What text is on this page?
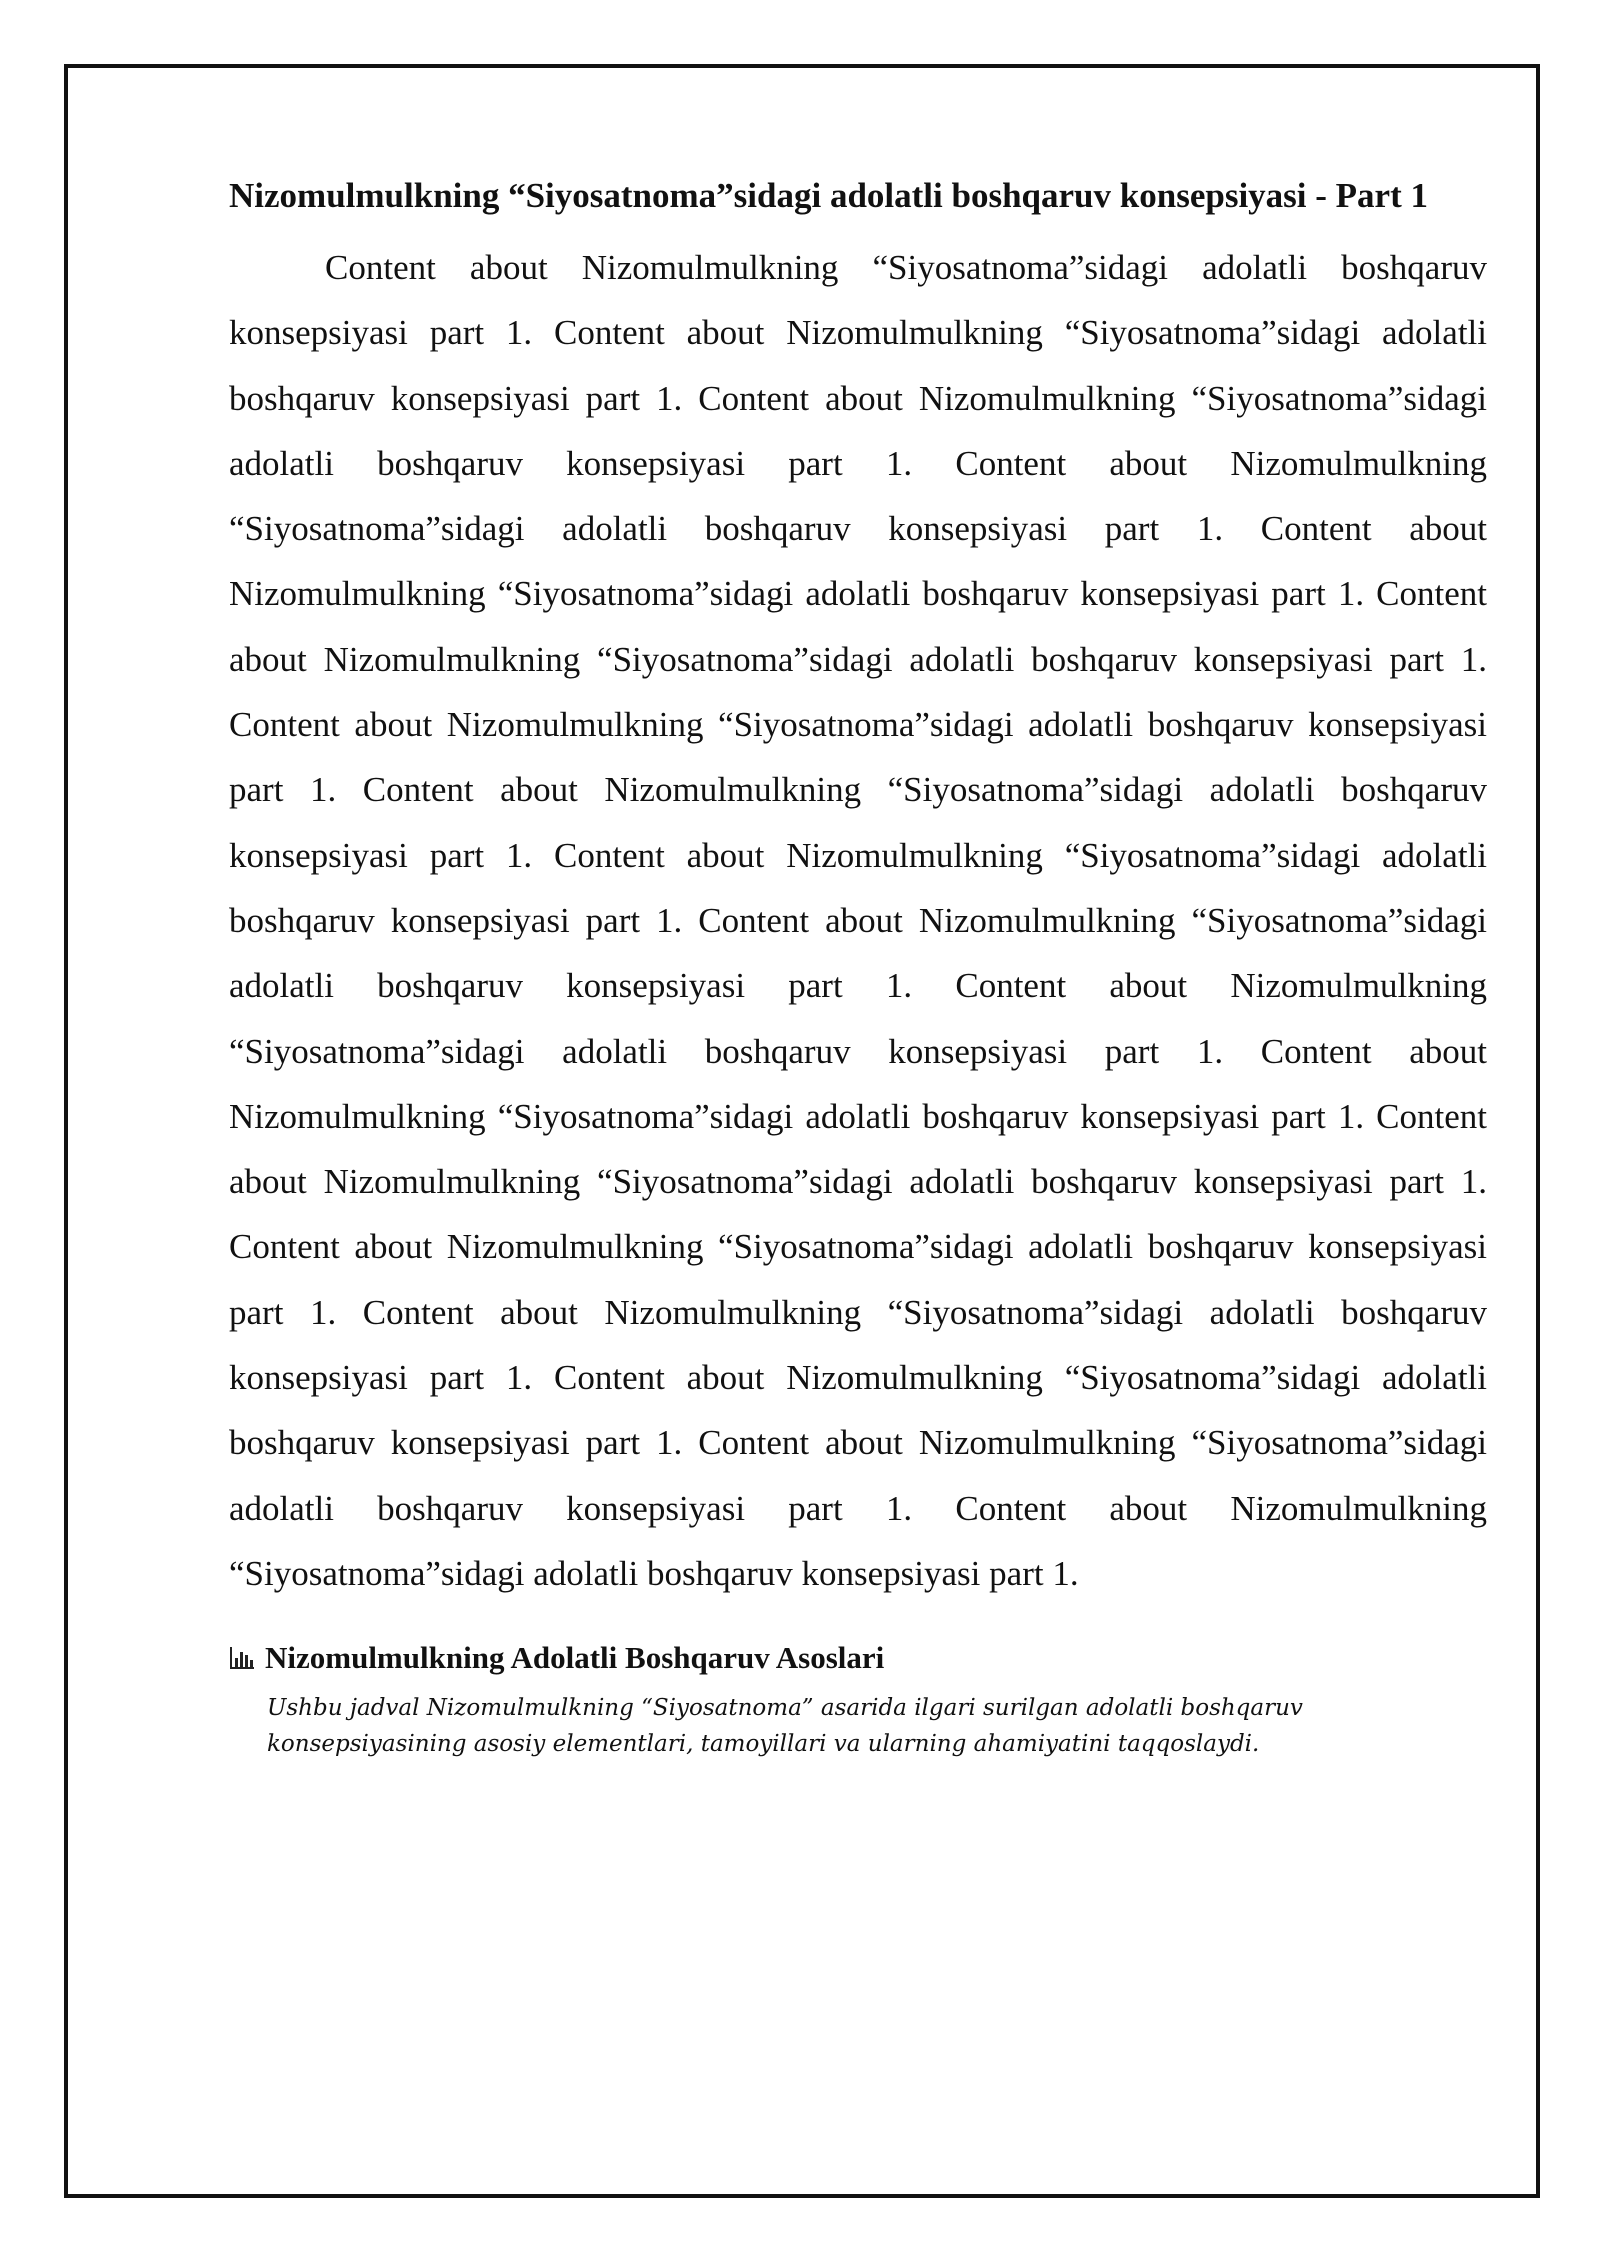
Nizomulmulkning “Siyosatnoma”sidagi adolatli boshqaruv konsepsiyasi - Part 1

Content about Nizomulmulkning “Siyosatnoma”sidagi adolatli boshqaruv konsepsiyasi part 1. Content about Nizomulmulkning “Siyosatnoma”sidagi adolatli boshqaruv konsepsiyasi part 1. Content about Nizomulmulkning “Siyosatnoma”sidagi adolatli boshqaruv konsepsiyasi part 1. Content about Nizomulmulkning “Siyosatnoma”sidagi adolatli boshqaruv konsepsiyasi part 1. Content about Nizomulmulkning “Siyosatnoma”sidagi adolatli boshqaruv konsepsiyasi part 1. Content about Nizomulmulkning “Siyosatnoma”sidagi adolatli boshqaruv konsepsiyasi part 1. Content about Nizomulmulkning “Siyosatnoma”sidagi adolatli boshqaruv konsepsiyasi part 1. Content about Nizomulmulkning “Siyosatnoma”sidagi adolatli boshqaruv konsepsiyasi part 1. Content about Nizomulmulkning “Siyosatnoma”sidagi adolatli boshqaruv konsepsiyasi part 1. Content about Nizomulmulkning “Siyosatnoma”sidagi adolatli boshqaruv konsepsiyasi part 1. Content about Nizomulmulkning “Siyosatnoma”sidagi adolatli boshqaruv konsepsiyasi part 1. Content about Nizomulmulkning “Siyosatnoma”sidagi adolatli boshqaruv konsepsiyasi part 1. Content about Nizomulmulkning “Siyosatnoma”sidagi adolatli boshqaruv konsepsiyasi part 1. Content about Nizomulmulkning “Siyosatnoma”sidagi adolatli boshqaruv konsepsiyasi part 1. Content about Nizomulmulkning “Siyosatnoma”sidagi adolatli boshqaruv konsepsiyasi part 1. Content about Nizomulmulkning “Siyosatnoma”sidagi adolatli boshqaruv konsepsiyasi part 1. Content about Nizomulmulkning “Siyosatnoma”sidagi adolatli boshqaruv konsepsiyasi part 1. Content about Nizomulmulkning “Siyosatnoma”sidagi adolatli boshqaruv konsepsiyasi part 1.

Nizomulmulkning Adolatli Boshqaruv Asoslari
Ushbu jadval Nizomulmulkning “Siyosatnoma” asarida ilgari surilgan adolatli boshqaruv konsepsiyasining asosiy elementlari, tamoyillari va ularning ahamiyatini taqqoslaydi.
